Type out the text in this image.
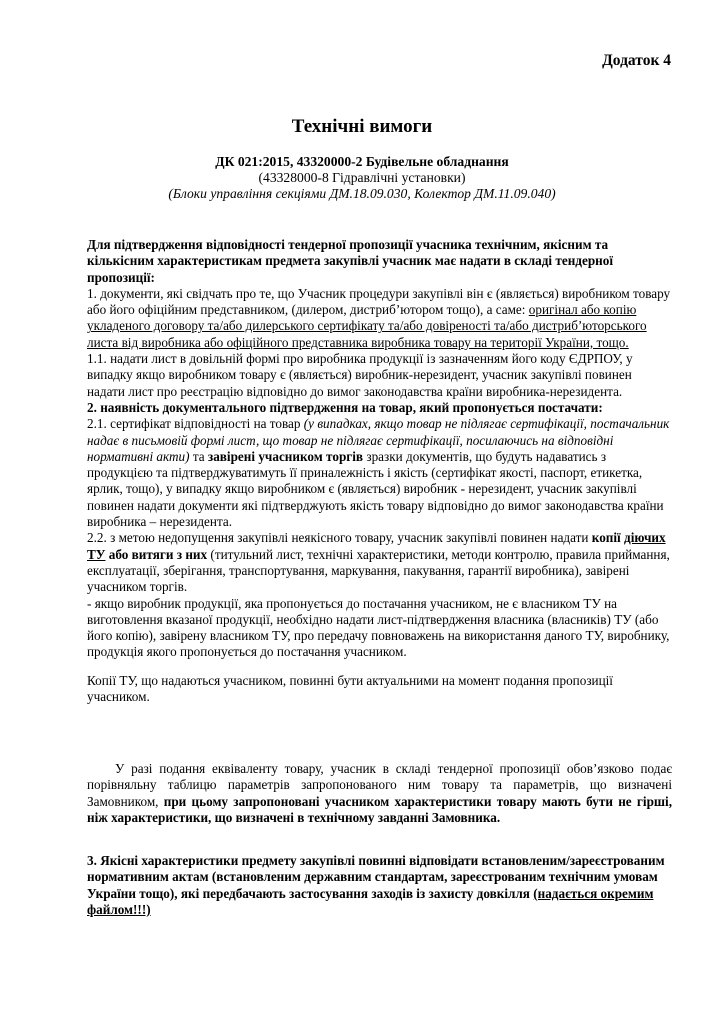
Додаток 4
Технічні вимоги
ДК 021:2015, 43320000-2 Будівельне обладнання
(43328000-8 Гідравлічні установки)
(Блоки управління секціями ДМ.18.09.030, Колектор ДМ.11.09.040)

Для підтвердження відповідності тендерної пропозиції учасника технічним, якісним та кількісним характеристикам предмета закупівлі учасник має надати в складі тендерної пропозиції:

1. документи, які свідчать про те, що Учасник процедури закупівлі він є (являється) виробником товару або його офіційним представником, (дилером, дистриб’ютором тощо), а саме: оригінал або копію укладеного договору та/або дилерського сертифікату та/або довіреності та/або дистриб’юторського листа від виробника або офіційного представника виробника товару на території України, тощо.

1.1. надати лист в довільній формі про виробника продукції із зазначенням його коду ЄДРПОУ, у випадку якщо виробником товару є (являється) виробник-нерезидент, учасник закупівлі повинен надати лист про реєстрацію відповідно до вимог законодавства країни виробника-нерезидента.

2. наявність документального підтвердження на товар, який пропонується постачати:

2.1. сертифікат відповідності на товар (у випадках, якщо товар не підлягає сертифікації, постачальник надає в письмовій формі лист, що товар не підлягає сертифікації, посилаючись на відповідні нормативні акти) та завірені учасником торгів зразки документів, що будуть надаватись з продукцією та підтверджуватимуть її приналежність і якість (сертифікат якості, паспорт, етикетка, ярлик, тощо), у випадку якщо виробником є (являється) виробник - нерезидент, учасник закупівлі повинен надати документи які підтверджують якість товару відповідно до вимог законодавства країни виробника – нерезидента.

2.2. з метою недопущення закупівлі неякісного товару, учасник закупівлі повинен надати копії діючих ТУ або витяги з них (титульний лист, технічні характеристики, методи контролю, правила приймання, експлуатації, зберігання, транспортування, маркування, пакування, гарантії виробника), завірені учасником торгів.

- якщо виробник продукції, яка пропонується до постачання учасником, не є власником ТУ на виготовлення вказаної продукції, необхідно надати лист-підтвердження власника (власників) ТУ (або його копію), завірену власником ТУ, про передачу повноважень на використання даного ТУ, виробнику, продукція якого пропонується до постачання учасником.

Копії ТУ, що надаються учасником, повинні бути актуальними на момент подання пропозиції учасником.

У разі подання еквіваленту товару, учасник в складі тендерної пропозиції обов’язково подає порівняльну таблицю параметрів запропонованого ним товару та параметрів, що визначені Замовником, при цьому запропоновані учасником характеристики товару мають бути не гірші, ніж характеристики, що визначені в технічному завданні Замовника.

3. Якісні характеристики предмету закупівлі повинні відповідати встановленим/зареєстрованим нормативним актам (встановленим державним стандартам, зареєстрованим технічним умовам України тощо), які передбачають застосування заходів із захисту довкілля (надається окремим файлом!!!)
